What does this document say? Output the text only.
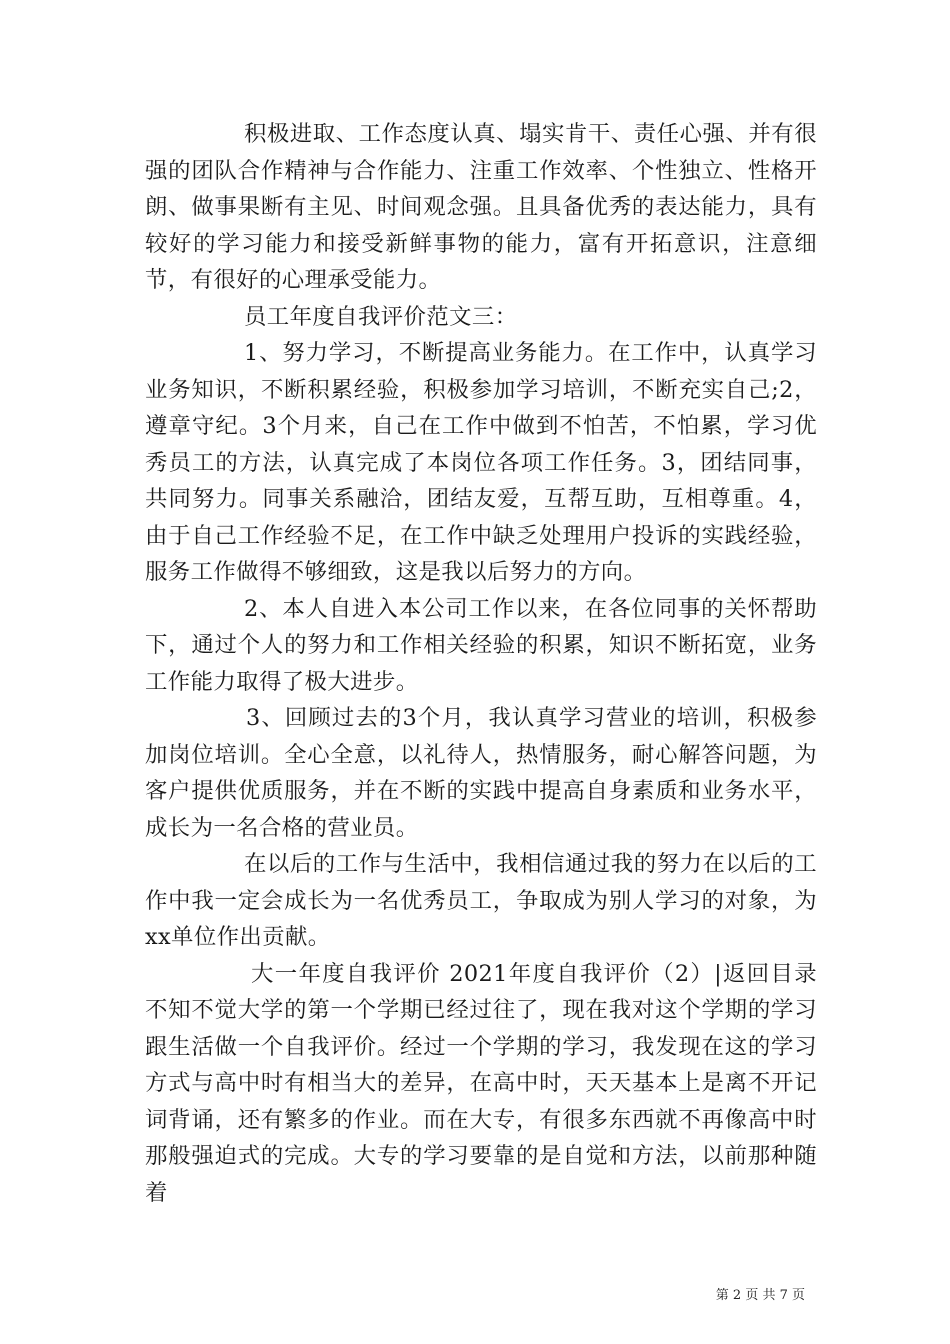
积极进取、工作态度认真、塌实肯干、责任心强、并有很强的团队合作精神与合作能力、注重工作效率、个性独立、性格开朗、做事果断有主见、时间观念强。且具备优秀的表达能力，具有较好的学习能力和接受新鲜事物的能力，富有开拓意识，注意细节，有很好的心理承受能力。

员工年度自我评价范文三：

1、努力学习，不断提高业务能力。在工作中，认真学习业务知识，不断积累经验，积极参加学习培训，不断充实自己;2，遵章守纪。3个月来，自己在工作中做到不怕苦，不怕累，学习优秀员工的方法，认真完成了本岗位各项工作任务。3，团结同事，共同努力。同事关系融洽，团结友爱，互帮互助，互相尊重。4，由于自己工作经验不足，在工作中缺乏处理用户投诉的实践经验，服务工作做得不够细致，这是我以后努力的方向。

2、本人自进入本公司工作以来，在各位同事的关怀帮助下，通过个人的努力和工作相关经验的积累，知识不断拓宽，业务工作能力取得了极大进步。

3、回顾过去的3个月，我认真学习营业的培训，积极参加岗位培训。全心全意，以礼待人，热情服务，耐心解答问题，为客户提供优质服务，并在不断的实践中提高自身素质和业务水平，成长为一名合格的营业员。

在以后的工作与生活中，我相信通过我的努力在以后的工作中我一定会成长为一名优秀员工，争取成为别人学习的对象，为xx单位作出贡献。

大一年度自我评价 2021年度自我评价（2）|返回目录不知不觉大学的第一个学期已经过往了，现在我对这个学期的学习跟生活做一个自我评价。经过一个学期的学习，我发现在这的学习方式与高中时有相当大的差异，在高中时，天天基本上是离不开记词背诵，还有繁多的作业。而在大专，有很多东西就不再像高中时那般强迫式的完成。大专的学习要靠的是自觉和方法，以前那种随着

第 2 页 共 7 页
